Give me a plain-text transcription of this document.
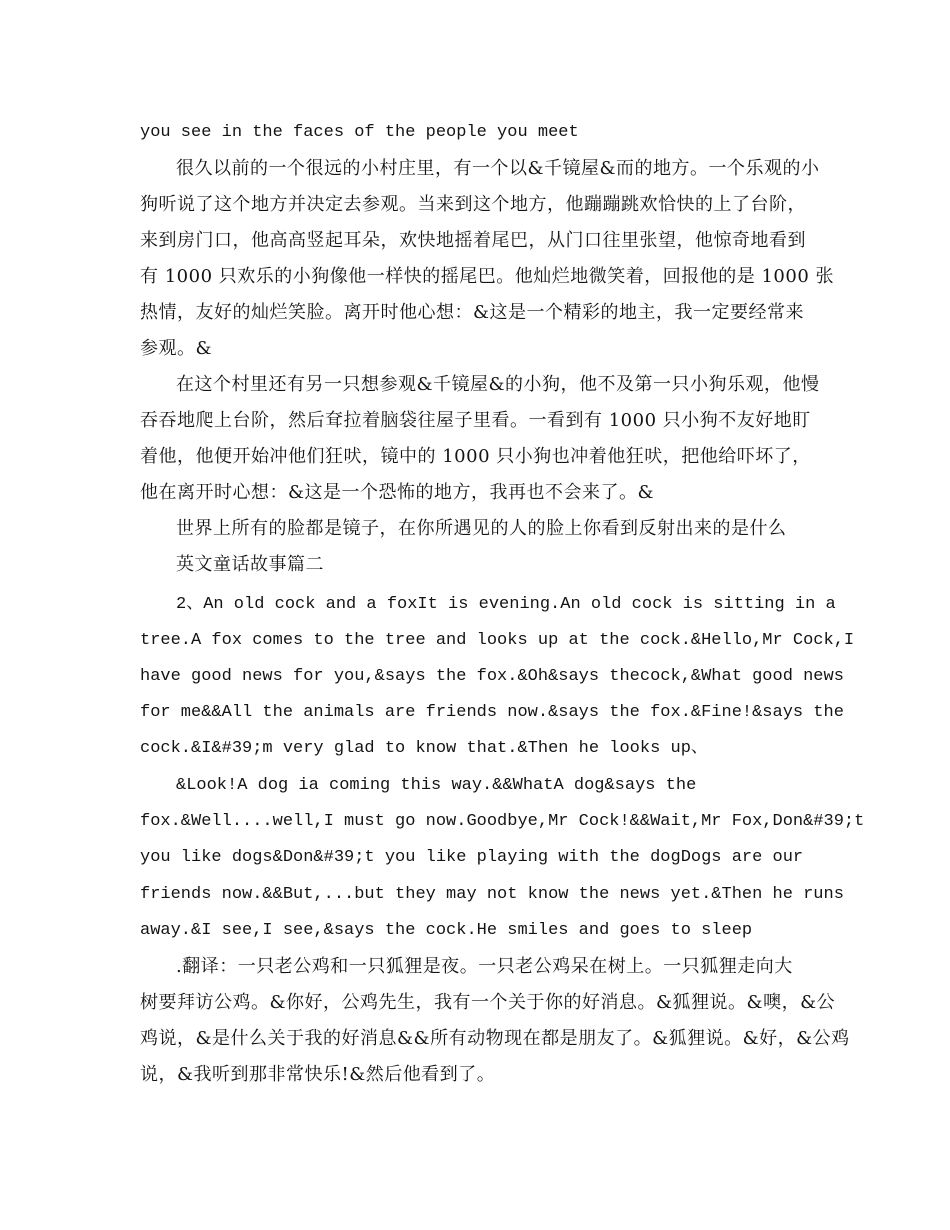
you see in the faces of the people you meet
很久以前的一个很远的小村庄里，有一个以&千镜屋&而的地方。一个乐观的小
狗听说了这个地方并决定去参观。当来到这个地方，他蹦蹦跳欢恰快的上了台阶，
来到房门口，他高高竖起耳朵，欢快地摇着尾巴，从门口往里张望，他惊奇地看到
有 1000 只欢乐的小狗像他一样快的摇尾巴。他灿烂地微笑着，回报他的是 1000 张
热情，友好的灿烂笑脸。离开时他心想：&这是一个精彩的地主，我一定要经常来
参观。&
在这个村里还有另一只想参观&千镜屋&的小狗，他不及第一只小狗乐观，他慢
吞吞地爬上台阶，然后耷拉着脑袋往屋子里看。一看到有 1000 只小狗不友好地盯
着他，他便开始冲他们狂吠，镜中的 1000 只小狗也冲着他狂吠，把他给吓坏了，
他在离开时心想：&这是一个恐怖的地方，我再也不会来了。&
世界上所有的脸都是镜子，在你所遇见的人的脸上你看到反射出来的是什么
英文童话故事篇二
2、An old cock and a foxIt is evening.An old cock is sitting in a
tree.A fox comes to the tree and looks up at the cock.&Hello,Mr Cock,I
have good news for you,&says the fox.&Oh&says thecock,&What good news
for me&&All the animals are friends now.&says the fox.&Fine!&says the
cock.&I&#39;m very glad to know that.&Then he looks up、
&Look!A dog ia coming this way.&&WhatA dog&says the
fox.&Well....well,I must go now.Goodbye,Mr Cock!&&Wait,Mr Fox,Don&#39;t
you like dogs&Don&#39;t you like playing with the dogDogs are our
friends now.&&But,...but they may not know the news yet.&Then he runs
away.&I see,I see,&says the cock.He smiles and goes to sleep
.翻译：一只老公鸡和一只狐狸是夜。一只老公鸡呆在树上。一只狐狸走向大
树要拜访公鸡。&你好，公鸡先生，我有一个关于你的好消息。&狐狸说。&噢，&公
鸡说，&是什么关于我的好消息&&所有动物现在都是朋友了。&狐狸说。&好，&公鸡
说，&我听到那非常快乐!&然后他看到了。
